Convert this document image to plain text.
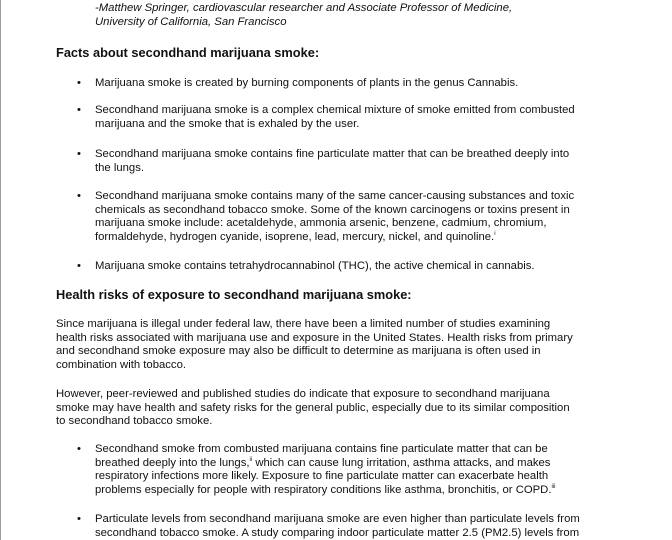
-Matthew Springer, cardiovascular researcher and Associate Professor of Medicine,
University of California, San Francisco
Facts about secondhand marijuana smoke:
• Marijuana smoke is created by burning components of plants in the genus Cannabis.
• Secondhand marijuana smoke is a complex chemical mixture of smoke emitted from combusted
marijuana and the smoke that is exhaled by the user.
• Secondhand marijuana smoke contains fine particulate matter that can be breathed deeply into
the lungs.
• Secondhand marijuana smoke contains many of the same cancer-causing substances and toxic
chemicals as secondhand tobacco smoke. Some of the known carcinogens or toxins present in
marijuana smoke include: acetaldehyde, ammonia arsenic, benzene, cadmium, chromium,
formaldehyde, hydrogen cyanide, isoprene, lead, mercury, nickel, and quinoline.$^i$
• Marijuana smoke contains tetrahydrocannabinol (THC), the active chemical in cannabis.
Health risks of exposure to secondhand marijuana smoke:
Since marijuana is illegal under federal law, there have been a limited number of studies examining
health risks associated with marijuana use and exposure in the United States. Health risks from primary
and secondhand smoke exposure may also be difficult to determine as marijuana is often used in
combination with tobacco.
However, peer-reviewed and published studies do indicate that exposure to secondhand marijuana
smoke may have health and safety risks for the general public, especially due to its similar composition
to secondhand tobacco smoke.
• Secondhand smoke from combusted marijuana contains fine particulate matter that can be
breathed deeply into the lungs,$^{ii}$ which can cause lung irritation, asthma attacks, and makes
respiratory infections more likely. Exposure to fine particulate matter can exacerbate health
problems especially for people with respiratory conditions like asthma, bronchitis, or COPD.$^{iii}$
• Particulate levels from secondhand marijuana smoke are even higher than particulate levels from
secondhand tobacco smoke. A study comparing indoor particulate matter 2.5 (PM2.5) levels from
